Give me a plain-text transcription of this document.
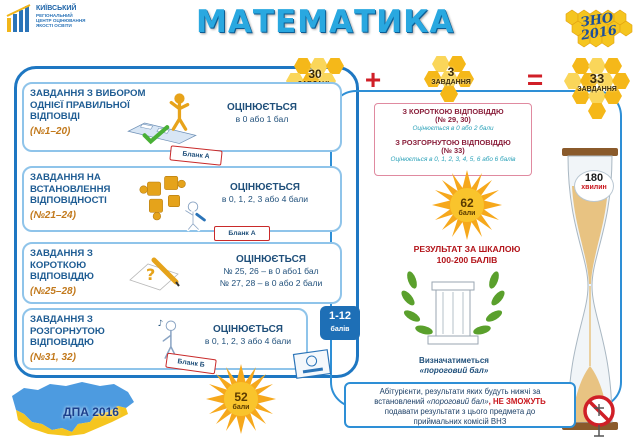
КИЇВСЬКИЙ
РЕГІОНАЛЬНИЙ
ЦЕНТР ОЦІНЮВАННЯ
ЯКОСТІ ОСВІТИ	МАТЕМАТИКА	ЗНО 2016
30	+	3
ЗАВДАННЯ =	33
ЗАВДАННЯ
ЗАВДАННЯ З ВИБОРОМ
ОДНІЄЇ ПРАВИЛЬНОЇ
ВІДПОВІДІ
(№1–20)
ОЦІНЮЄТЬСЯ
в 0 або 1 бал
Бланк А
ЗАВДАННЯ НА
ВСТАНОВЛЕННЯ
ВІДПОВІДНОСТІ
(№21–24)
ОЦІНЮЄТЬСЯ
в 0, 1, 2, 3 або 4 бали
Бланк А
ЗАВДАННЯ З
КОРОТКОЮ
ВІДПОВІДДЮ
(№25–28)
?
ОЦІНЮЄТЬСЯ
№ 25, 26 – в 0 або1 бал
№ 27, 28 – в 0 або 2 бали
ЗАВДАННЯ З
РОЗГОРНУТОЮ
ВІДПОВІДДЮ
(№31, 32)
♪
ОЦІНЮЄТЬСЯ
в 0, 1, 2, 3 або 4 бали
Бланк Б
1-12
балів
З КОРОТКОЮ ВІДПОВІДДЮ
(№ 29, 30)
Оцінюється в 0 або 2 бали
З РОЗГОРНУТОЮ ВІДПОВІДДЮ
(№ 33)
Оцінюється в 0, 1, 2, 3, 4, 5, 6 або 6 балів
180
хвилин
62
бали
РЕЗУЛЬТАТ ЗА ШКАЛОЮ
100-200 БАЛІВ
Визначатиметься
«пороговий бал»
Абітурієнти, результати яких будуть нижчі за
встановлений «пороговий бал», НЕ ЗМОЖУТЬ
подавати результати з цього предмета до
приймальних комісій ВНЗ
ДПА 2016
52
бали
